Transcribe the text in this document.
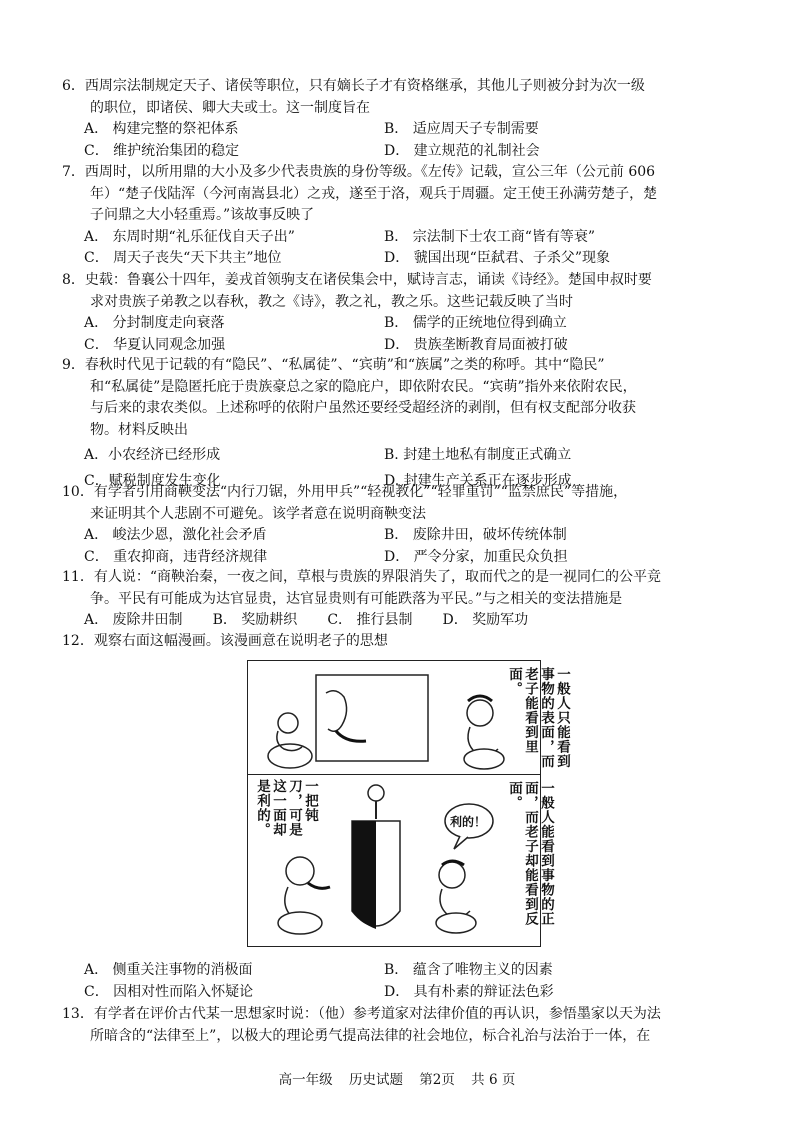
6．西周宗法制规定天子、诸侯等职位，只有嫡长子才有资格继承，其他儿子则被分封为次一级
的职位，即诸侯、卿大夫或士。这一制度旨在
A． 构建完整的祭祀体系	B． 适应周天子专制需要
C． 维护统治集团的稳定	D． 建立规范的礼制社会
7．西周时，以所用鼎的大小及多少代表贵族的身份等级。《左传》记载，宣公三年（公元前 606
年）“楚子伐陆浑（今河南嵩县北）之戎，遂至于洛，观兵于周疆。定王使王孙满劳楚子，楚
子问鼎之大小轻重焉。”该故事反映了
A． 东周时期“礼乐征伐自天子出”	B． 宗法制下士农工商“皆有等衰”
C． 周天子丧失“天下共主”地位	D． 虢国出现“臣弑君、子杀父”现象
8．史载：鲁襄公十四年，姜戎首领驹支在诸侯集会中，赋诗言志，诵读《诗经》。楚国申叔时要
求对贵族子弟教之以春秋，教之《诗》，教之礼，教之乐。这些记载反映了当时
A． 分封制度走向衰落	B． 儒学的正统地位得到确立
C． 华夏认同观念加强	D． 贵族垄断教育局面被打破
9．春秋时代见于记载的有“隐民”、“私属徒”、“宾萌”和“族属”之类的称呼。其中“隐民”
和“私属徒”是隐匿托庇于贵族豪总之家的隐庇户，即依附农民。“宾萌”指外来依附农民，
与后来的隶农类似。上述称呼的依附户虽然还要经受超经济的剥削，但有权支配部分收获
物。材料反映出
A．小农经济已经形成	B. 封建土地私有制度正式确立
C．赋税制度发生变化	D. 封建生产关系正在逐步形成
10．有学者引用商鞅变法“内行刀锯，外用甲兵”“轻视教化”“轻罪重罚”“监禁庶民”等措施，
来证明其个人悲剧不可避免。该学者意在说明商鞅变法
A． 峻法少恩，激化社会矛盾	B． 废除井田，破坏传统体制
C． 重农抑商，违背经济规律	D． 严令分家，加重民众负担
11．有人说：“商鞅治秦，一夜之间，草根与贵族的界限消失了，取而代之的是一视同仁的公平竞
争。平民有可能成为达官显贵，达官显贵则有可能跌落为平民。”与之相关的变法措施是
A． 废除井田制 B． 奖励耕织 C． 推行县制 D． 奖励军功
12．观察右面这幅漫画。该漫画意在说明老子的思想
一般人只能看到事物的表面，而老子能看到里面。
一把钝刀，可是这一面却是利的。	利的！	一般人能看到事物的正面，而老子却能看到反面。
A． 侧重关注事物的消极面	B． 蕴含了唯物主义的因素
C． 因相对性而陷入怀疑论	D． 具有朴素的辩证法色彩
13．有学者在评价古代某一思想家时说：（他）参考道家对法律价值的再认识，参悟墨家以天为法
所暗含的“法律至上”，以极大的理论勇气提高法律的社会地位，标合礼治与法治于一体，在
高一年级 历史试题 第2页 共 6 页
